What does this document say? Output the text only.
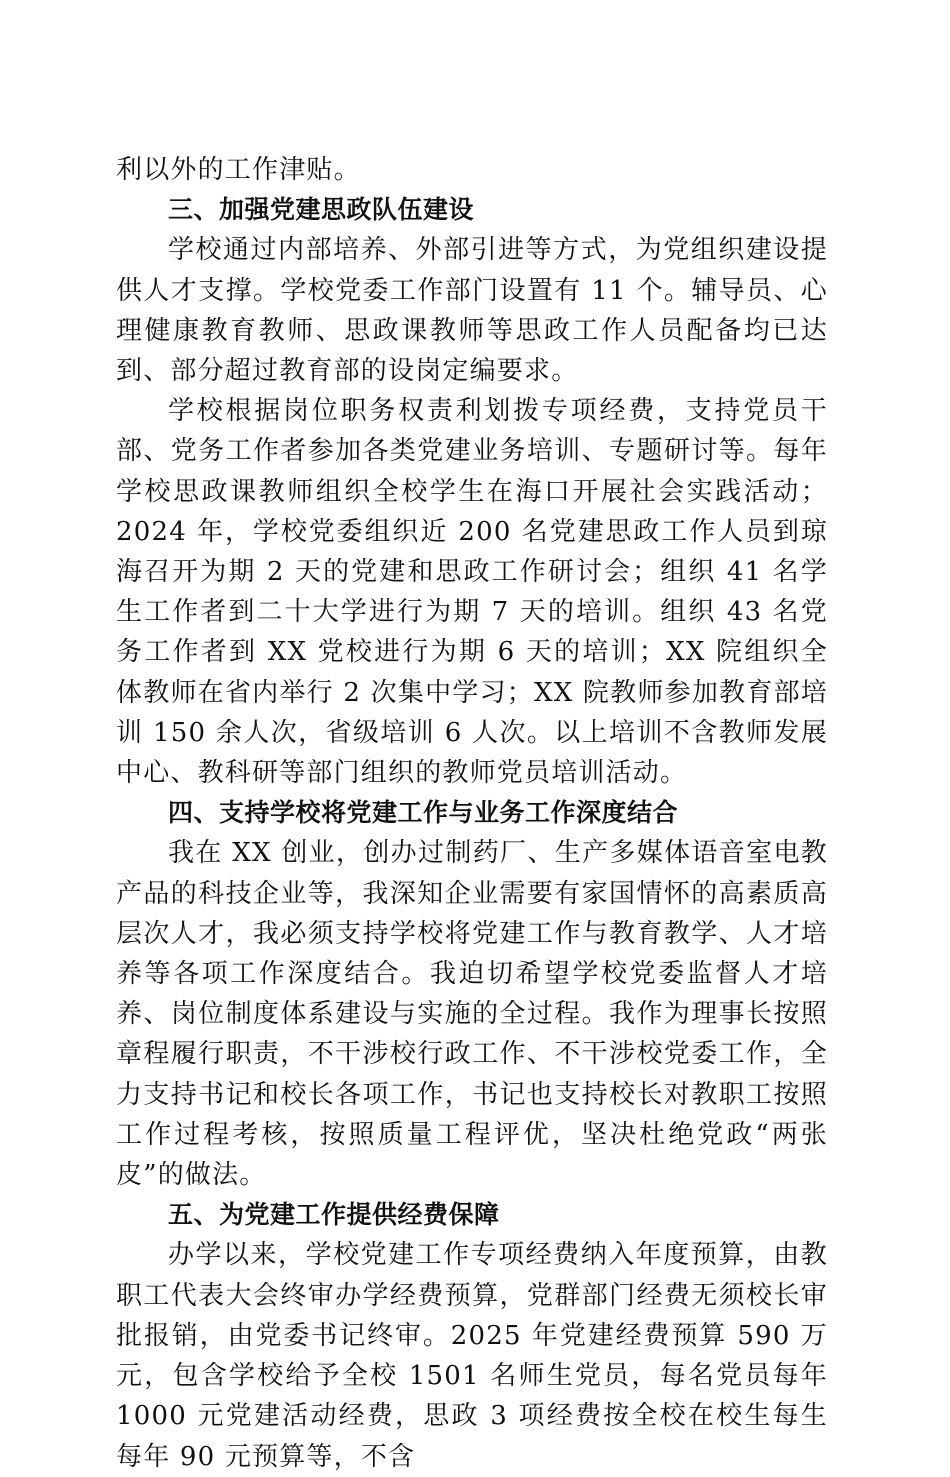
利以外的工作津贴。

三、加强党建思政队伍建设

学校通过内部培养、外部引进等方式，为党组织建设提供人才支撑。学校党委工作部门设置有 11 个。辅导员、心理健康教育教师、思政课教师等思政工作人员配备均已达到、部分超过教育部的设岗定编要求。

学校根据岗位职务权责利划拨专项经费，支持党员干部、党务工作者参加各类党建业务培训、专题研讨等。每年学校思政课教师组织全校学生在海口开展社会实践活动；2024 年，学校党委组织近 200 名党建思政工作人员到琼海召开为期 2 天的党建和思政工作研讨会；组织 41 名学生工作者到二十大学进行为期 7 天的培训。组织 43 名党务工作者到 XX 党校进行为期 6 天的培训；XX 院组织全体教师在省内举行 2 次集中学习；XX 院教师参加教育部培训 150 余人次，省级培训 6 人次。以上培训不含教师发展中心、教科研等部门组织的教师党员培训活动。

四、支持学校将党建工作与业务工作深度结合

我在 XX 创业，创办过制药厂、生产多媒体语音室电教产品的科技企业等，我深知企业需要有家国情怀的高素质高层次人才，我必须支持学校将党建工作与教育教学、人才培养等各项工作深度结合。我迫切希望学校党委监督人才培养、岗位制度体系建设与实施的全过程。我作为理事长按照章程履行职责，不干涉校行政工作、不干涉校党委工作，全力支持书记和校长各项工作，书记也支持校长对教职工按照工作过程考核，按照质量工程评优，坚决杜绝党政“两张皮”的做法。

五、为党建工作提供经费保障

办学以来，学校党建工作专项经费纳入年度预算，由教职工代表大会终审办学经费预算，党群部门经费无须校长审批报销，由党委书记终审。2025 年党建经费预算 590 万元，包含学校给予全校 1501 名师生党员，每名党员每年 1000 元党建活动经费，思政 3 项经费按全校在校生每生每年 90 元预算等，不含
